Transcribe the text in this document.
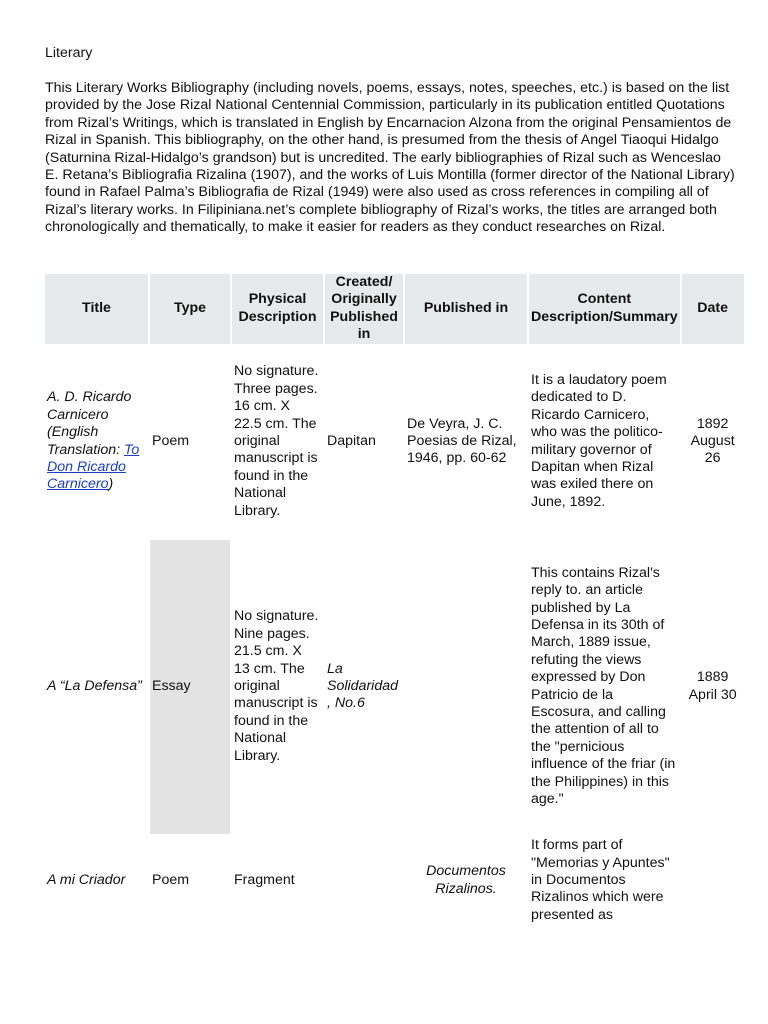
Literary
This Literary Works Bibliography (including novels, poems, essays, notes, speeches, etc.) is based on the list provided by the Jose Rizal National Centennial Commission, particularly in its publication entitled Quotations from Rizal’s Writings, which is translated in English by Encarnacion Alzona from the original Pensamientos de Rizal in Spanish. This bibliography, on the other hand, is presumed from the thesis of Angel Tiaoqui Hidalgo (Saturnina Rizal-Hidalgo’s grandson) but is uncredited. The early bibliographies of Rizal such as Wenceslao E. Retana’s Bibliografia Rizalina (1907), and the works of Luis Montilla (former director of the National Library) found in Rafael Palma’s Bibliografia de Rizal (1949) were also used as cross references in compiling all of Rizal’s literary works. In Filipiniana.net’s complete bibliography of Rizal’s works, the titles are arranged both chronologically and thematically, to make it easier for readers as they conduct researches on Rizal.
Title	Type	Physical Description	Created/ Originally Published in	Published in	Content Description/Summary	Date
A. D. Ricardo Carnicero (English Translation: To Don Ricardo Carnicero)	Poem	No signature. Three pages. 16 cm. X 22.5 cm. The original manuscript is found in the National Library.	Dapitan	De Veyra, J. C. Poesias de Rizal, 1946, pp. 60-62	It is a laudatory poem dedicated to D. Ricardo Carnicero, who was the politico-military governor of Dapitan when Rizal was exiled there on June, 1892.	1892 August 26
A “La Defensa”	Essay	No signature. Nine pages. 21.5 cm. X 13 cm. The original manuscript is found in the National Library.	La Solidaridad , No.6		This contains Rizal's reply to. an article published by La Defensa in its 30th of March, 1889 issue, refuting the views expressed by Don Patricio de la Escosura, and calling the attention of all to the "pernicious influence of the friar (in the Philippines) in this age."	1889 April 30
A mi Criador	Poem	Fragment		Documentos Rizalinos.	It forms part of "Memorias y Apuntes" in Documentos Rizalinos which were presented as	
